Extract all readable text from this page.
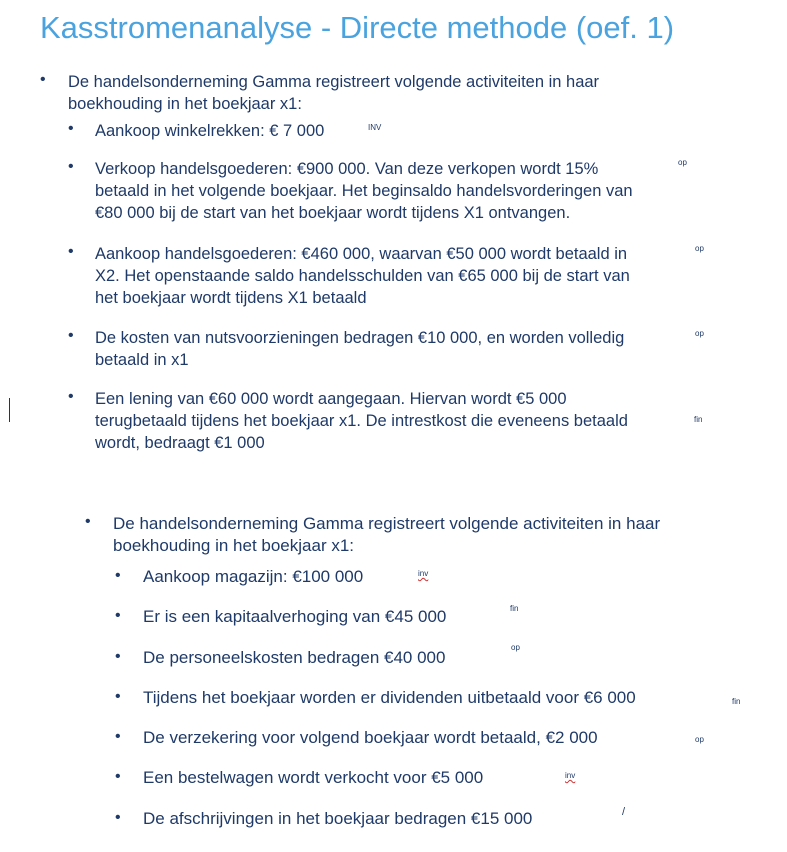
Kasstromenanalyse - Directe methode (oef. 1)
• De handelsonderneming Gamma registreert volgende activiteiten in haar
boekhouding in het boekjaar x1:
• Aankoop winkelrekken: € 7 000	INV
• Verkoop handelsgoederen: €900 000. Van deze verkopen wordt 15%
betaald in het volgende boekjaar. Het beginsaldo handelsvorderingen van
€80 000 bij de start van het boekjaar wordt tijdens X1 ontvangen.
op
• Aankoop handelsgoederen: €460 000, waarvan €50 000 wordt betaald in
X2. Het openstaande saldo handelsschulden van €65 000 bij de start van
het boekjaar wordt tijdens X1 betaald
op
• De kosten van nutsvoorzieningen bedragen €10 000, en worden volledig
betaald in x1
op
• Een lening van €60 000 wordt aangegaan. Hiervan wordt €5 000
terugbetaald tijdens het boekjaar x1. De intrestkost die eveneens betaald
wordt, bedraagt €1 000
fin
• De handelsonderneming Gamma registreert volgende activiteiten in haar
boekhouding in het boekjaar x1:
• Aankoop magazijn: €100 000	inv
• Er is een kapitaalverhoging van €45 000	fin
• De personeelskosten bedragen €40 000
op
• Tijdens het boekjaar worden er dividenden uitbetaald voor €6 000	fin
• De verzekering voor volgend boekjaar wordt betaald, €2 000	op
• Een bestelwagen wordt verkocht voor €5 000	inv
• De afschrijvingen in het boekjaar bedragen €15 000	/
